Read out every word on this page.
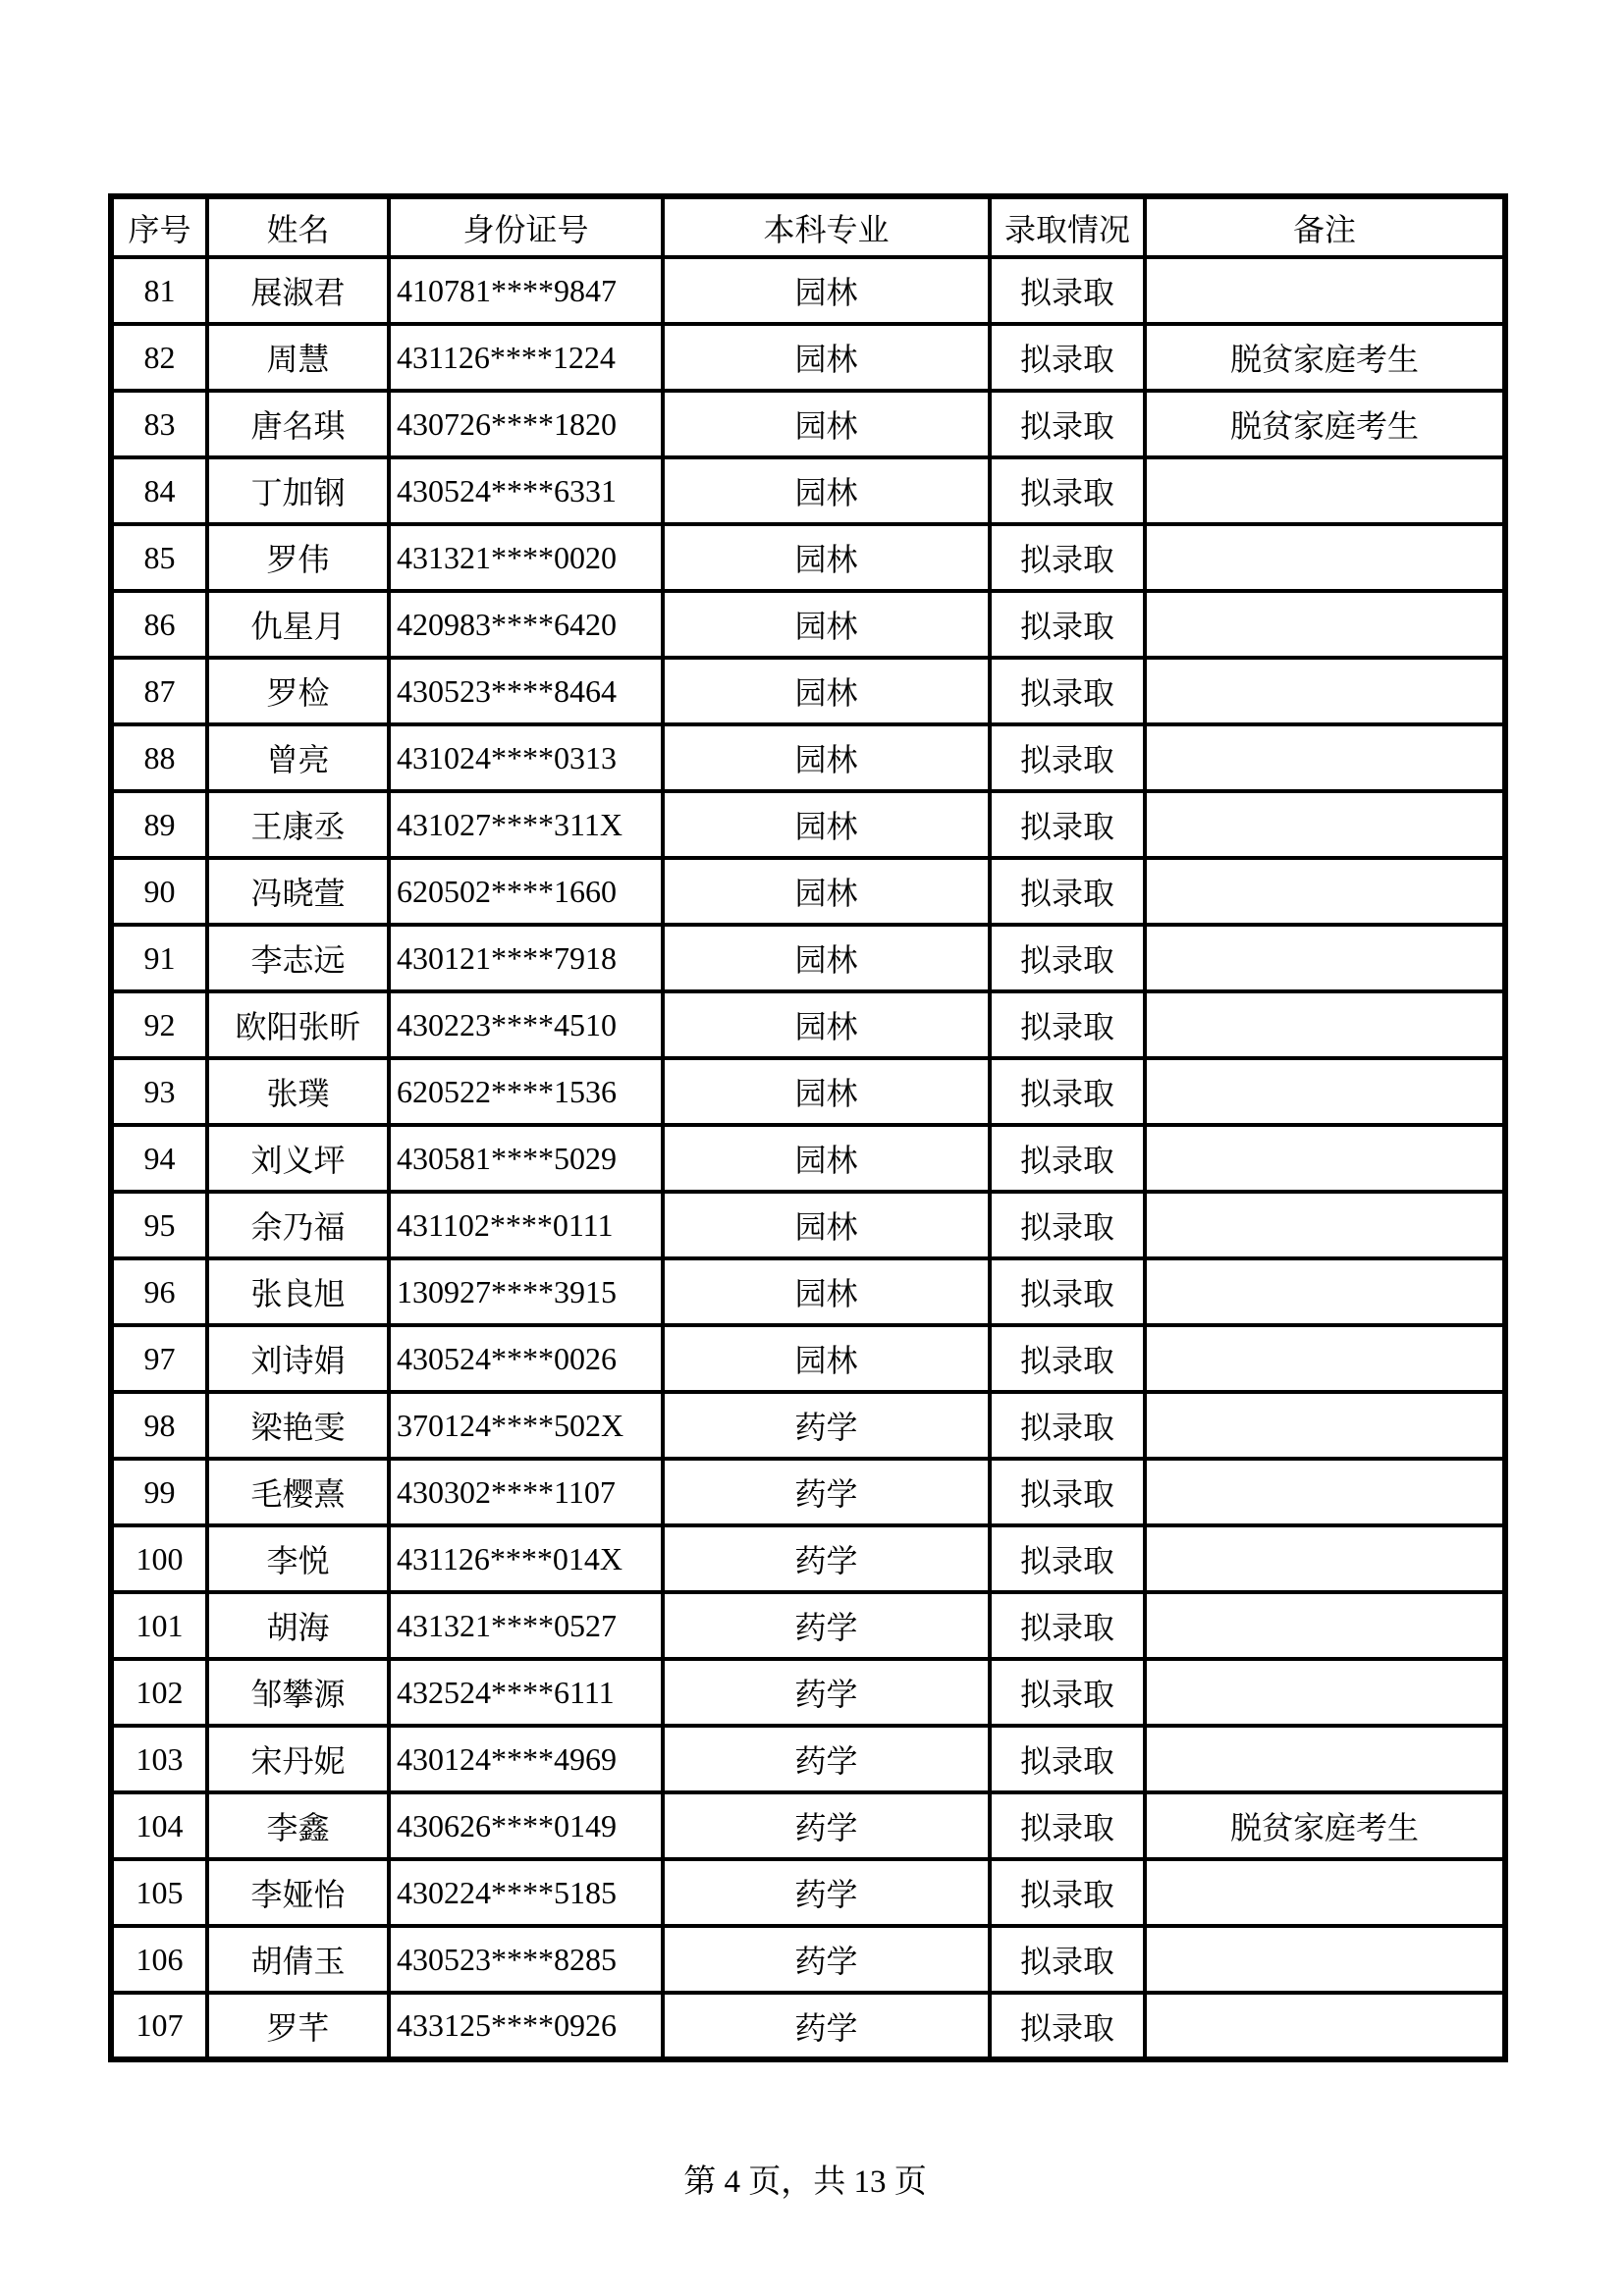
序号	姓名	身份证号	本科专业	录取情况	备注
81	展淑君	410781****9847	园林	拟录取	
82	周慧	431126****1224	园林	拟录取	脱贫家庭考生
83	唐名琪	430726****1820	园林	拟录取	脱贫家庭考生
84	丁加钢	430524****6331	园林	拟录取	
85	罗伟	431321****0020	园林	拟录取	
86	仇星月	420983****6420	园林	拟录取	
87	罗检	430523****8464	园林	拟录取	
88	曾亮	431024****0313	园林	拟录取	
89	王康丞	431027****311X	园林	拟录取	
90	冯晓萱	620502****1660	园林	拟录取	
91	李志远	430121****7918	园林	拟录取	
92	欧阳张昕	430223****4510	园林	拟录取	
93	张璞	620522****1536	园林	拟录取	
94	刘义坪	430581****5029	园林	拟录取	
95	余乃福	431102****0111	园林	拟录取	
96	张良旭	130927****3915	园林	拟录取	
97	刘诗娟	430524****0026	园林	拟录取	
98	梁艳雯	370124****502X	药学	拟录取	
99	毛樱熹	430302****1107	药学	拟录取	
100	李悦	431126****014X	药学	拟录取	
101	胡海	431321****0527	药学	拟录取	
102	邹攀源	432524****6111	药学	拟录取	
103	宋丹妮	430124****4969	药学	拟录取	
104	李鑫	430626****0149	药学	拟录取	脱贫家庭考生
105	李娅怡	430224****5185	药学	拟录取	
106	胡倩玉	430523****8285	药学	拟录取	
107	罗芊	433125****0926	药学	拟录取	
第 4 页，共 13 页
